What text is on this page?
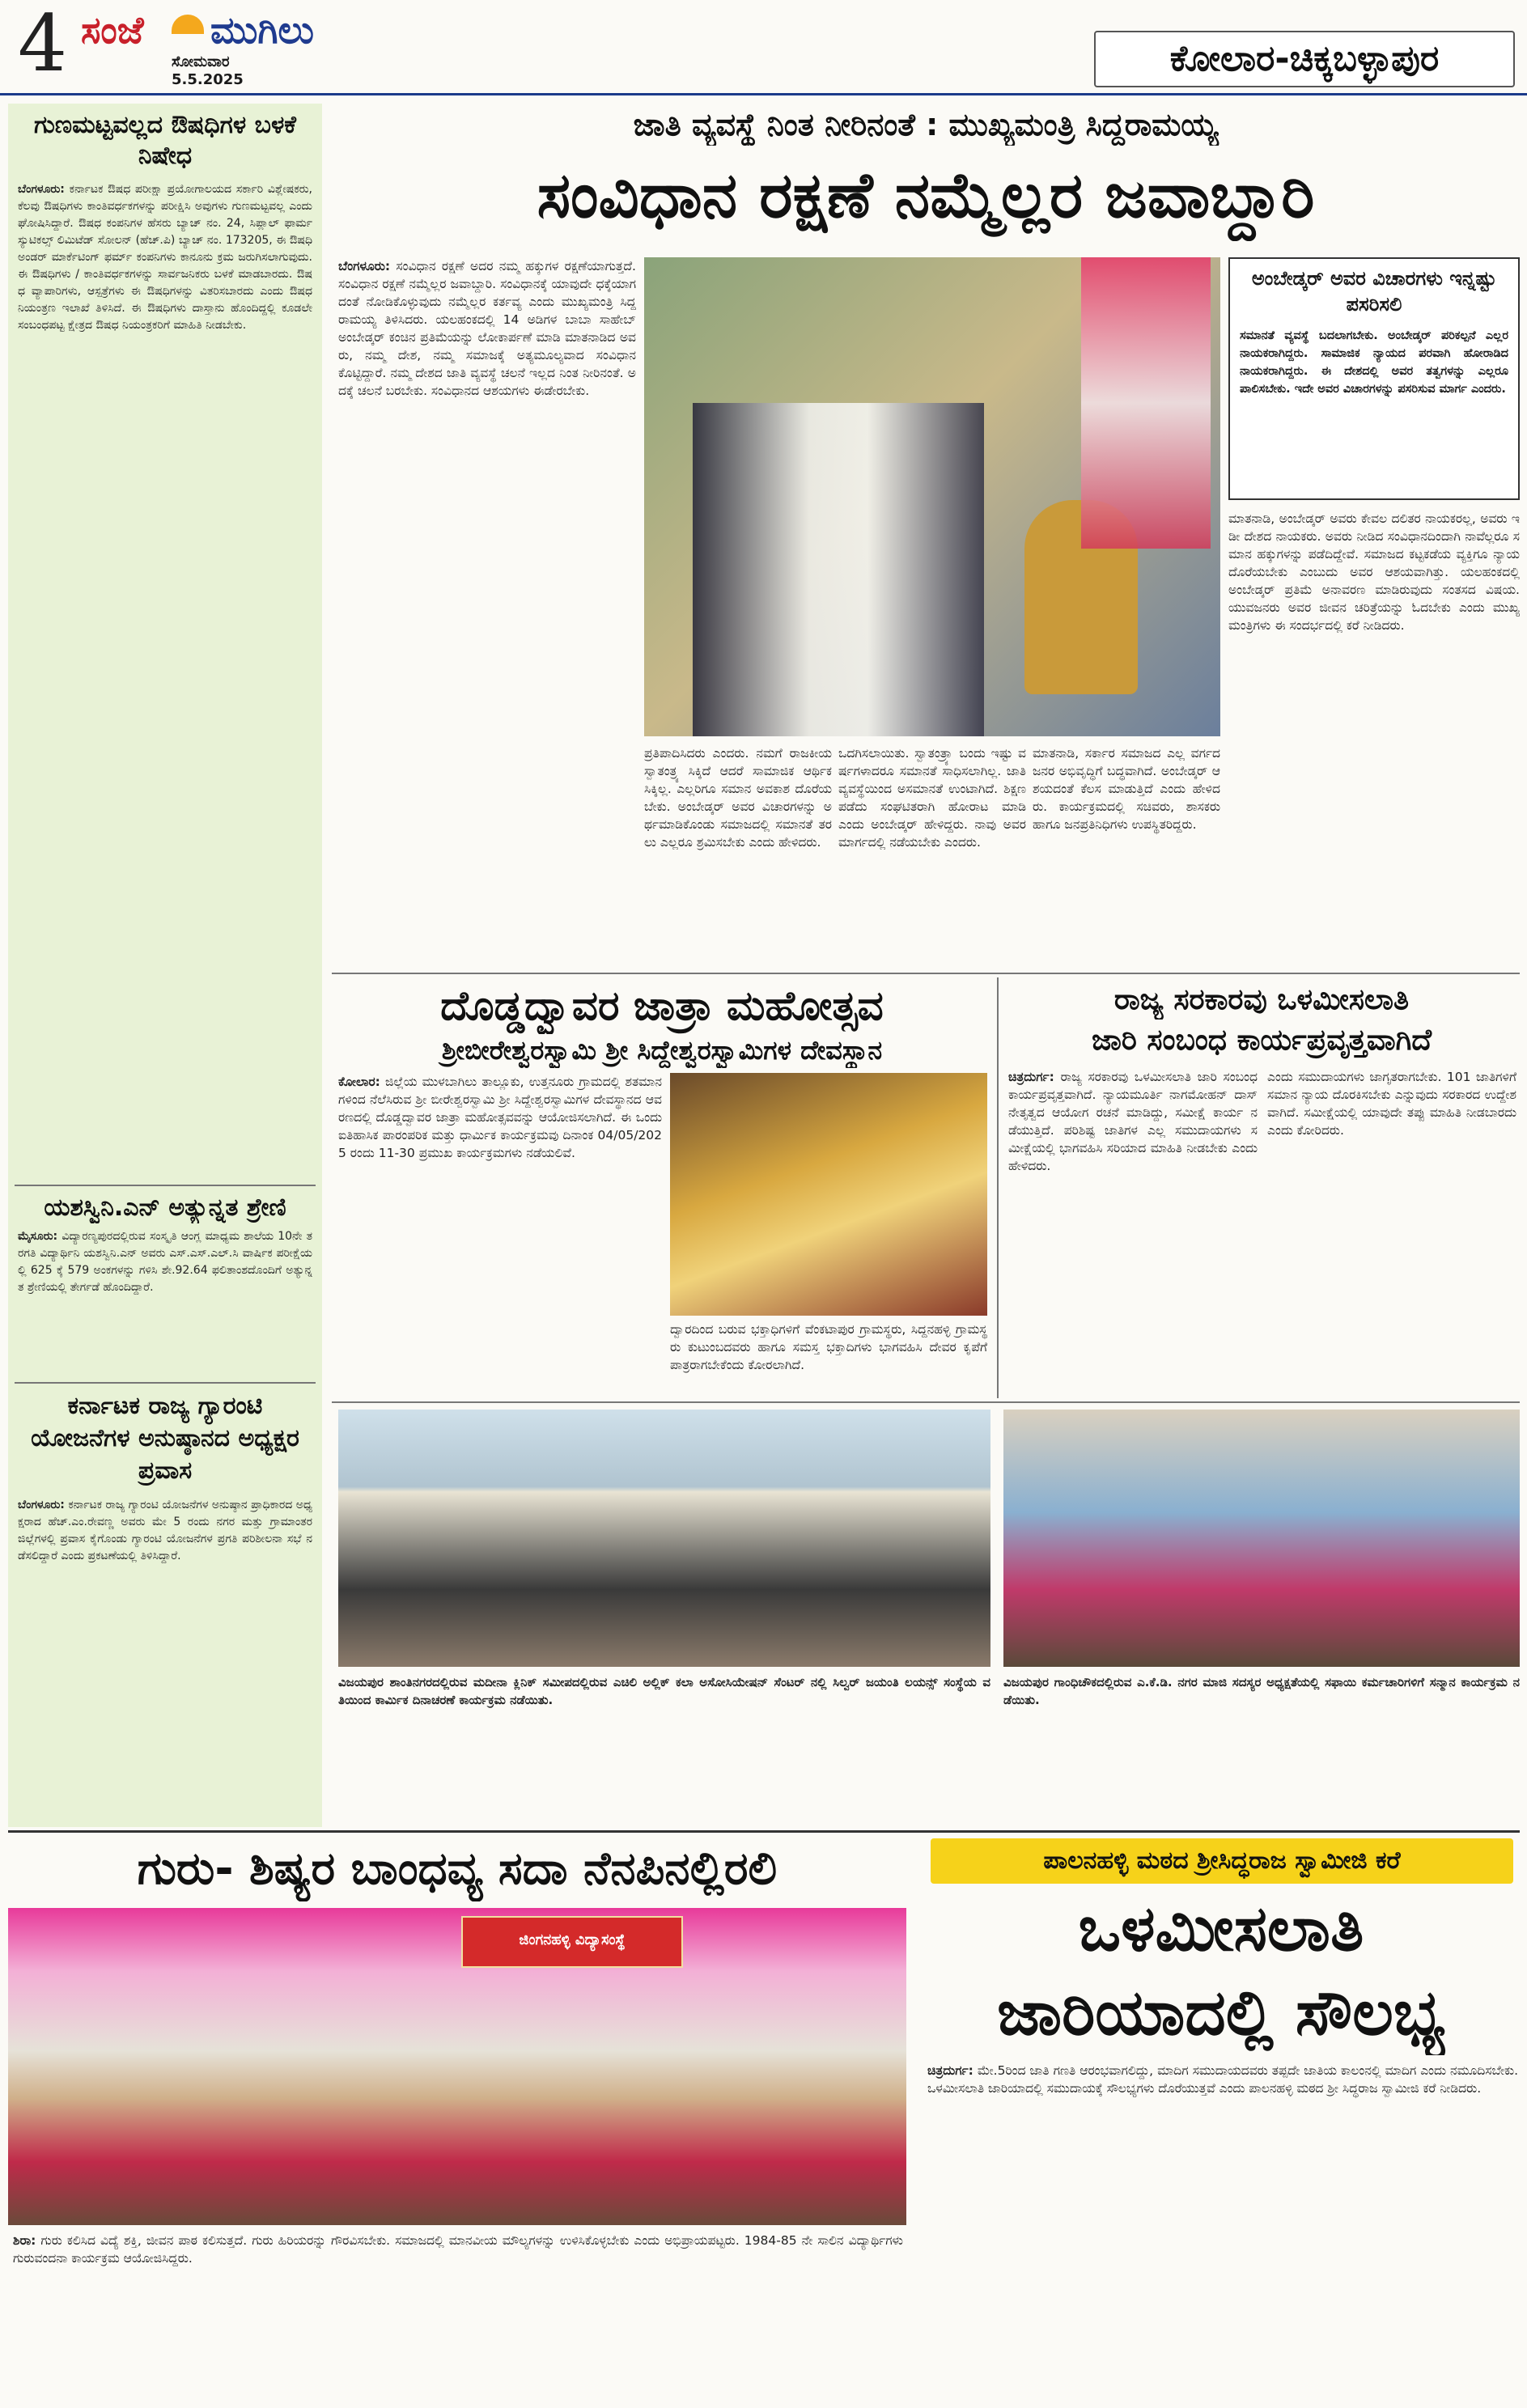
4 ಸಂಜೆ ಮುಗಿಲು
ಸೋಮವಾರ
5.5.2025
ಕೋಲಾರ-ಚಿಕ್ಕಬಳ್ಳಾಪುರ
ಗುಣಮಟ್ಟವಲ್ಲದ ಔಷಧಿಗಳ ಬಳಕೆ ನಿಷೇಧ
ಬೆಂಗಳೂರು: ಕರ್ನಾಟಕ ಔಷಧ ಪರೀಕ್ಷಾ ಪ್ರಯೋಗಾಲಯದ ಸರ್ಕಾರಿ ವಿಶ್ಲೇಷಕರು, ಕೆಲವು ಔಷಧಿಗಳು ಕಾಂತಿವರ್ಧಕಗಳನ್ನು ಪರೀಕ್ಷಿಸಿ ಅವುಗಳು ಗುಣಮಟ್ಟವಲ್ಲ ಎಂದು ಘೋಷಿಸಿದ್ದಾರೆ. ಔಷಧ ಕಂಪನಿಗಳ ಹೆಸರು ಬ್ಯಾಚ್ ನಂ. 24, ಸಿಪ್ಲಾಲ್ ಫಾರ್ಮಸ್ಯುಟಿಕಲ್ಸ್ ಲಿಮಿಟೆಡ್ ಸೋಲನ್ (ಹೆಚ್.ಪಿ) ಬ್ಯಾಚ್ ನಂ. 173205, ಈ ಔಷಧಿ ಅಂಡರ್ ಮಾರ್ಕೆಟಿಂಗ್ ಫರ್ಮ್ ಕಂಪನಿಗಳು ಕಾನೂನು ಕ್ರಮ ಜರುಗಿಸಲಾಗುವುದು. ಈ ಔಷಧಿಗಳು / ಕಾಂತಿವರ್ಧಕಗಳನ್ನು ಸಾರ್ವಜನಿಕರು ಬಳಕೆ ಮಾಡಬಾರದು. ಔಷಧ ವ್ಯಾಪಾರಿಗಳು, ಆಸ್ಪತ್ರೆಗಳು ಈ ಔಷಧಿಗಳನ್ನು ವಿತರಿಸಬಾರದು ಎಂದು ಔಷಧ ನಿಯಂತ್ರಣ ಇಲಾಖೆ ತಿಳಿಸಿದೆ. ಈ ಔಷಧಿಗಳು ದಾಸ್ತಾನು ಹೊಂದಿದ್ದಲ್ಲಿ ಕೂಡಲೇ ಸಂಬಂಧಪಟ್ಟ ಕ್ಷೇತ್ರದ ಔಷಧ ನಿಯಂತ್ರಕರಿಗೆ ಮಾಹಿತಿ ನೀಡಬೇಕು.
ಯಶಸ್ವಿನಿ.ಎನ್ ಅತ್ಯುನ್ನತ ಶ್ರೇಣಿ
ಮೈಸೂರು: ವಿದ್ಯಾರಣ್ಯಪುರದಲ್ಲಿರುವ ಸಂಸ್ಕೃತಿ ಆಂಗ್ಲ ಮಾಧ್ಯಮ ಶಾಲೆಯ 10ನೇ ತರಗತಿ ವಿದ್ಯಾರ್ಥಿನಿ ಯಶಸ್ವಿನಿ.ಎನ್ ಅವರು ಎಸ್.ಎಸ್.ಎಲ್.ಸಿ ವಾರ್ಷಿಕ ಪರೀಕ್ಷೆಯಲ್ಲಿ 625 ಕ್ಕೆ 579 ಅಂಕಗಳನ್ನು ಗಳಿಸಿ ಶೇ.92.64 ಫಲಿತಾಂಶದೊಂದಿಗೆ ಅತ್ಯುನ್ನತ ಶ್ರೇಣಿಯಲ್ಲಿ ತೇರ್ಗಡೆ ಹೊಂದಿದ್ದಾರೆ.
ಕರ್ನಾಟಕ ರಾಜ್ಯ ಗ್ಯಾರಂಟಿ ಯೋಜನೆಗಳ ಅನುಷ್ಠಾನದ ಅಧ್ಯಕ್ಷರ ಪ್ರವಾಸ
ಬೆಂಗಳೂರು: ಕರ್ನಾಟಕ ರಾಜ್ಯ ಗ್ಯಾರಂಟಿ ಯೋಜನೆಗಳ ಅನುಷ್ಠಾನ ಪ್ರಾಧಿಕಾರದ ಅಧ್ಯಕ್ಷರಾದ ಹೆಚ್.ಎಂ.ರೇವಣ್ಣ ಅವರು ಮೇ 5 ರಂದು ನಗರ ಮತ್ತು ಗ್ರಾಮಾಂತರ ಜಿಲ್ಲೆಗಳಲ್ಲಿ ಪ್ರವಾಸ ಕೈಗೊಂಡು ಗ್ಯಾರಂಟಿ ಯೋಜನೆಗಳ ಪ್ರಗತಿ ಪರಿಶೀಲನಾ ಸಭೆ ನಡೆಸಲಿದ್ದಾರೆ ಎಂದು ಪ್ರಕಟಣೆಯಲ್ಲಿ ತಿಳಿಸಿದ್ದಾರೆ.
ಜಾತಿ ವ್ಯವಸ್ಥೆ ನಿಂತ ನೀರಿನಂತೆ : ಮುಖ್ಯಮಂತ್ರಿ ಸಿದ್ದರಾಮಯ್ಯ
ಸಂವಿಧಾನ ರಕ್ಷಣೆ ನಮ್ಮೆಲ್ಲರ ಜವಾಬ್ದಾರಿ
ಬೆಂಗಳೂರು: ಸಂವಿಧಾನ ರಕ್ಷಣೆ ಅದರ ನಮ್ಮ ಹಕ್ಕುಗಳ ರಕ್ಷಣೆಯಾಗುತ್ತದೆ. ಸಂವಿಧಾನ ರಕ್ಷಣೆ ನಮ್ಮೆಲ್ಲರ ಜವಾಬ್ದಾರಿ. ಸಂವಿಧಾನಕ್ಕೆ ಯಾವುದೇ ಧಕ್ಕೆಯಾಗದಂತೆ ನೋಡಿಕೊಳ್ಳುವುದು ನಮ್ಮೆಲ್ಲರ ಕರ್ತವ್ಯ ಎಂದು ಮುಖ್ಯಮಂತ್ರಿ ಸಿದ್ದರಾಮಯ್ಯ ತಿಳಿಸಿದರು. ಯಲಹಂಕದಲ್ಲಿ 14 ಅಡಿಗಳ ಬಾಬಾ ಸಾಹೇಬ್ ಅಂಬೇಡ್ಕರ್ ಕಂಚಿನ ಪ್ರತಿಮೆಯನ್ನು ಲೋಕಾರ್ಪಣೆ ಮಾಡಿ ಮಾತನಾಡಿದ ಅವರು, ನಮ್ಮ ದೇಶ, ನಮ್ಮ ಸಮಾಜಕ್ಕೆ ಅತ್ಯಮೂಲ್ಯವಾದ ಸಂವಿಧಾನ ಕೊಟ್ಟಿದ್ದಾರೆ. ನಮ್ಮ ದೇಶದ ಜಾತಿ ವ್ಯವಸ್ಥೆ ಚಲನೆ ಇಲ್ಲದ ನಿಂತ ನೀರಿನಂತೆ. ಅದಕ್ಕೆ ಚಲನೆ ಬರಬೇಕು. ಸಂವಿಧಾನದ ಆಶಯಗಳು ಈಡೇರಬೇಕು.
ಅಂಬೇಡ್ಕರ್ ಅವರ ವಿಚಾರಗಳು ಇನ್ನಷ್ಟು ಪಸರಿಸಲಿ
ಸಮಾನತೆ ವ್ಯವಸ್ಥೆ ಬದಲಾಗಬೇಕು. ಅಂಬೇಡ್ಕರ್ ಪರಿಕಲ್ಪನೆ ಎಲ್ಲರ ನಾಯಕರಾಗಿದ್ದರು. ಸಾಮಾಜಿಕ ನ್ಯಾಯದ ಪರವಾಗಿ ಹೋರಾಡಿದ ನಾಯಕರಾಗಿದ್ದರು. ಈ ದೇಶದಲ್ಲಿ ಅವರ ತತ್ವಗಳನ್ನು ಎಲ್ಲರೂ ಪಾಲಿಸಬೇಕು. ಇದೇ ಅವರ ವಿಚಾರಗಳನ್ನು ಪಸರಿಸುವ ಮಾರ್ಗ ಎಂದರು.
ಮಾತನಾಡಿ, ಅಂಬೇಡ್ಕರ್ ಅವರು ಕೇವಲ ದಲಿತರ ನಾಯಕರಲ್ಲ, ಅವರು ಇಡೀ ದೇಶದ ನಾಯಕರು. ಅವರು ನೀಡಿದ ಸಂವಿಧಾನದಿಂದಾಗಿ ನಾವೆಲ್ಲರೂ ಸಮಾನ ಹಕ್ಕುಗಳನ್ನು ಪಡೆದಿದ್ದೇವೆ. ಸಮಾಜದ ಕಟ್ಟಕಡೆಯ ವ್ಯಕ್ತಿಗೂ ನ್ಯಾಯ ದೊರೆಯಬೇಕು ಎಂಬುದು ಅವರ ಆಶಯವಾಗಿತ್ತು. ಯಲಹಂಕದಲ್ಲಿ ಅಂಬೇಡ್ಕರ್ ಪ್ರತಿಮೆ ಅನಾವರಣ ಮಾಡಿರುವುದು ಸಂತಸದ ವಿಷಯ. ಯುವಜನರು ಅವರ ಜೀವನ ಚರಿತ್ರೆಯನ್ನು ಓದಬೇಕು ಎಂದು ಮುಖ್ಯಮಂತ್ರಿಗಳು ಈ ಸಂದರ್ಭದಲ್ಲಿ ಕರೆ ನೀಡಿದರು.
ಪ್ರತಿಪಾದಿಸಿದರು ಎಂದರು. ನಮಗೆ ರಾಜಕೀಯ ಸ್ವಾತಂತ್ರ್ಯ ಸಿಕ್ಕಿದೆ ಆದರೆ ಸಾಮಾಜಿಕ ಆರ್ಥಿಕ ಸಿಕ್ಕಿಲ್ಲ. ಎಲ್ಲರಿಗೂ ಸಮಾನ ಅವಕಾಶ ದೊರೆಯಬೇಕು. ಅಂಬೇಡ್ಕರ್ ಅವರ ವಿಚಾರಗಳನ್ನು ಅರ್ಥಮಾಡಿಕೊಂಡು ಸಮಾಜದಲ್ಲಿ ಸಮಾನತೆ ತರಲು ಎಲ್ಲರೂ ಶ್ರಮಿಸಬೇಕು ಎಂದು ಹೇಳಿದರು.
ಒದಗಿಸಲಾಯಿತು. ಸ್ವಾತಂತ್ರ್ಯಾ ಬಂದು ಇಷ್ಟು ವರ್ಷಗಳಾದರೂ ಸಮಾನತೆ ಸಾಧಿಸಲಾಗಿಲ್ಲ. ಜಾತಿ ವ್ಯವಸ್ಥೆಯಿಂದ ಅಸಮಾನತೆ ಉಂಟಾಗಿದೆ. ಶಿಕ್ಷಣ ಪಡೆದು ಸಂಘಟಿತರಾಗಿ ಹೋರಾಟ ಮಾಡಿ ಎಂದು ಅಂಬೇಡ್ಕರ್ ಹೇಳಿದ್ದರು. ನಾವು ಅವರ ಮಾರ್ಗದಲ್ಲಿ ನಡೆಯಬೇಕು ಎಂದರು.
ಮಾತನಾಡಿ, ಸರ್ಕಾರ ಸಮಾಜದ ಎಲ್ಲ ವರ್ಗದ ಜನರ ಅಭಿವೃದ್ಧಿಗೆ ಬದ್ಧವಾಗಿದೆ. ಅಂಬೇಡ್ಕರ್ ಆಶಯದಂತೆ ಕೆಲಸ ಮಾಡುತ್ತಿದೆ ಎಂದು ಹೇಳಿದರು. ಕಾರ್ಯಕ್ರಮದಲ್ಲಿ ಸಚಿವರು, ಶಾಸಕರು ಹಾಗೂ ಜನಪ್ರತಿನಿಧಿಗಳು ಉಪಸ್ಥಿತರಿದ್ದರು.
ದೊಡ್ಡದ್ವಾವರ ಜಾತ್ರಾ ಮಹೋತ್ಸವ
ಶ್ರೀಬೀರೇಶ್ವರಸ್ವಾಮಿ ಶ್ರೀ ಸಿದ್ದೇಶ್ವರಸ್ವಾಮಿಗಳ ದೇವಸ್ಥಾನ
ಕೋಲಾರ: ಜಿಲ್ಲೆಯ ಮುಳಬಾಗಿಲು ತಾಲ್ಲೂಕು, ಉತ್ತನೂರು ಗ್ರಾಮದಲ್ಲಿ ಶತಮಾನಗಳಿಂದ ನೆಲೆಸಿರುವ ಶ್ರೀ ಬೀರೇಶ್ವರಸ್ವಾಮಿ ಶ್ರೀ ಸಿದ್ದೇಶ್ವರಸ್ವಾಮಿಗಳ ದೇವಸ್ಥಾನದ ಆವರಣದಲ್ಲಿ ದೊಡ್ಡದ್ವಾವರ ಜಾತ್ರಾ ಮಹೋತ್ಸವವನ್ನು ಆಯೋಜಿಸಲಾಗಿದೆ. ಈ ಒಂದು ಐತಿಹಾಸಿಕ ಪಾರಂಪರಿಕ ಮತ್ತು ಧಾರ್ಮಿಕ ಕಾರ್ಯಕ್ರಮವು ದಿನಾಂಕ 04/05/2025 ರಂದು 11-30 ಪ್ರಮುಖ ಕಾರ್ಯಕ್ರಮಗಳು ನಡೆಯಲಿವೆ.
ದ್ವಾರದಿಂದ ಬರುವ ಭಕ್ತಾಧಿಗಳಿಗೆ ವೆಂಕಟಾಪುರ ಗ್ರಾಮಸ್ಥರು, ಸಿದ್ದನಹಳ್ಳಿ ಗ್ರಾಮಸ್ಥರು ಕುಟುಂಬದವರು ಹಾಗೂ ಸಮಸ್ತ ಭಕ್ತಾದಿಗಳು ಭಾಗವಹಿಸಿ ದೇವರ ಕೃಪೆಗೆ ಪಾತ್ರರಾಗಬೇಕೆಂದು ಕೋರಲಾಗಿದೆ.
ರಾಜ್ಯ ಸರಕಾರವು ಒಳಮೀಸಲಾತಿ
ಜಾರಿ ಸಂಬಂಧ ಕಾರ್ಯಪ್ರವೃತ್ತವಾಗಿದೆ
ಚಿತ್ರದುರ್ಗ: ರಾಜ್ಯ ಸರಕಾರವು ಒಳಮೀಸಲಾತಿ ಜಾರಿ ಸಂಬಂಧ ಕಾರ್ಯಪ್ರವೃತ್ತವಾಗಿದೆ. ನ್ಯಾಯಮೂರ್ತಿ ನಾಗಮೋಹನ್ ದಾಸ್ ನೇತೃತ್ವದ ಆಯೋಗ ರಚನೆ ಮಾಡಿದ್ದು, ಸಮೀಕ್ಷೆ ಕಾರ್ಯ ನಡೆಯುತ್ತಿದೆ. ಪರಿಶಿಷ್ಟ ಜಾತಿಗಳ ಎಲ್ಲ ಸಮುದಾಯಗಳು ಸಮೀಕ್ಷೆಯಲ್ಲಿ ಭಾಗವಹಿಸಿ ಸರಿಯಾದ ಮಾಹಿತಿ ನೀಡಬೇಕು ಎಂದು ಹೇಳಿದರು.
ಎಂದು ಸಮುದಾಯಗಳು ಜಾಗೃತರಾಗಬೇಕು. 101 ಜಾತಿಗಳಿಗೆ ಸಮಾನ ನ್ಯಾಯ ದೊರಕಿಸಬೇಕು ಎನ್ನುವುದು ಸರಕಾರದ ಉದ್ದೇಶವಾಗಿದೆ. ಸಮೀಕ್ಷೆಯಲ್ಲಿ ಯಾವುದೇ ತಪ್ಪು ಮಾಹಿತಿ ನೀಡಬಾರದು ಎಂದು ಕೋರಿದರು.
ವಿಜಯಪುರ ಶಾಂತಿನಗರದಲ್ಲಿರುವ ಮದೀನಾ ಕ್ಲಿನಿಕ್ ಸಮೀಪದಲ್ಲಿರುವ ಎಚಿಲಿ ಅಲ್ಲಿಕ್ ಕಲಾ ಅಸೋಸಿಯೇಷನ್ ಸೆಂಟರ್ ನಲ್ಲಿ ಸಿಲ್ವರ್ ಜಯಂತಿ ಲಯನ್ಸ್ ಸಂಸ್ಥೆಯ ವತಿಯಿಂದ ಕಾರ್ಮಿಕ ದಿನಾಚರಣೆ ಕಾರ್ಯಕ್ರಮ ನಡೆಯಿತು.
ವಿಜಯಪುರ ಗಾಂಧಿಚೌಕದಲ್ಲಿರುವ ಎ.ಕೆ.ಡಿ. ನಗರ ಮಾಜಿ ಸದಸ್ಯರ ಅಧ್ಯಕ್ಷತೆಯಲ್ಲಿ ಸಫಾಯಿ ಕರ್ಮಚಾರಿಗಳಿಗೆ ಸನ್ಮಾನ ಕಾರ್ಯಕ್ರಮ ನಡೆಯಿತು.
ಗುರು- ಶಿಷ್ಯರ ಬಾಂಧವ್ಯ ಸದಾ ನೆನಪಿನಲ್ಲಿರಲಿ
ಜಿಂಗನಹಳ್ಳಿ ವಿದ್ಯಾಸಂಸ್ಥೆ
ಶಿರಾ: ಗುರು ಕಲಿಸಿದ ವಿದ್ಯೆ ಶಕ್ತಿ, ಜೀವನ ಪಾಠ ಕಲಿಸುತ್ತದೆ. ಗುರು ಹಿರಿಯರನ್ನು ಗೌರವಿಸಬೇಕು. ಸಮಾಜದಲ್ಲಿ ಮಾನವೀಯ ಮೌಲ್ಯಗಳನ್ನು ಉಳಿಸಿಕೊಳ್ಳಬೇಕು ಎಂದು ಅಭಿಪ್ರಾಯಪಟ್ಟರು. 1984-85 ನೇ ಸಾಲಿನ ವಿದ್ಯಾರ್ಥಿಗಳು ಗುರುವಂದನಾ ಕಾರ್ಯಕ್ರಮ ಆಯೋಜಿಸಿದ್ದರು.
ಪಾಲನಹಳ್ಳಿ ಮಠದ ಶ್ರೀಸಿದ್ಧರಾಜ ಸ್ವಾಮೀಜಿ ಕರೆ
ಒಳಮೀಸಲಾತಿ
ಜಾರಿಯಾದಲ್ಲಿ ಸೌಲಭ್ಯ
ಚಿತ್ರದುರ್ಗ: ಮೇ.5ರಿಂದ ಜಾತಿ ಗಣತಿ ಆರಂಭವಾಗಲಿದ್ದು, ಮಾದಿಗ ಸಮುದಾಯದವರು ತಪ್ಪದೇ ಜಾತಿಯ ಕಾಲಂನಲ್ಲಿ ಮಾದಿಗ ಎಂದು ನಮೂದಿಸಬೇಕು. ಒಳಮೀಸಲಾತಿ ಜಾರಿಯಾದಲ್ಲಿ ಸಮುದಾಯಕ್ಕೆ ಸೌಲಭ್ಯಗಳು ದೊರೆಯುತ್ತವೆ ಎಂದು ಪಾಲನಹಳ್ಳಿ ಮಠದ ಶ್ರೀ ಸಿದ್ಧರಾಜ ಸ್ವಾಮೀಜಿ ಕರೆ ನೀಡಿದರು.
